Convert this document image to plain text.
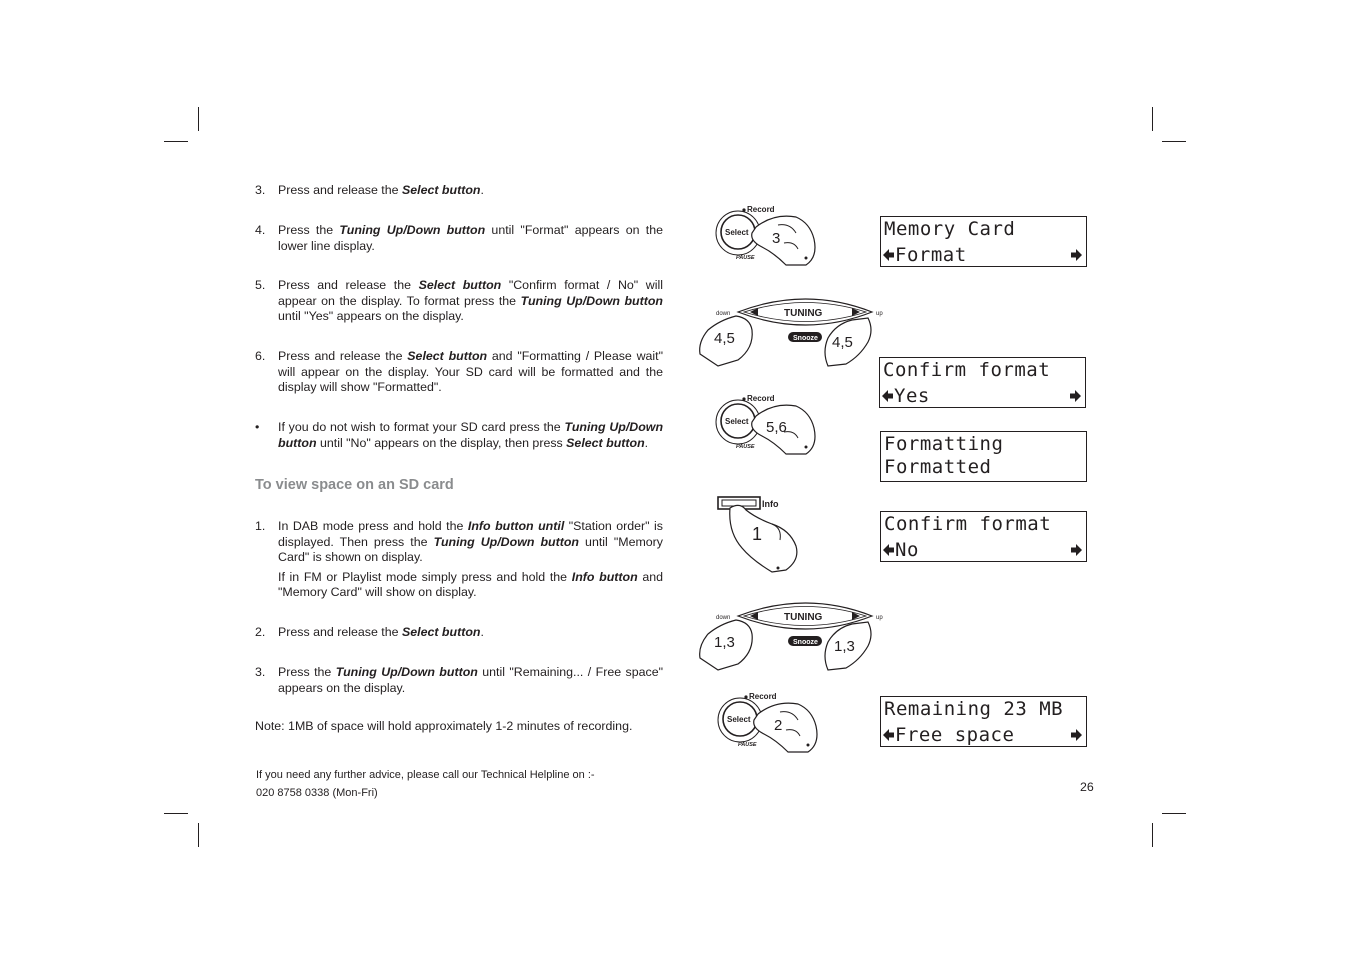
3.	Press and release the Select button.

4.	Press the Tuning Up/Down button until "Format" appears on the lower line display.

5.	Press and release the Select button "Confirm format / No" will appear on the display. To format press the Tuning Up/Down button until "Yes" appears on the display.

6.	Press and release the Select button and "Formatting / Please wait" will appear on the display. Your SD card will be formatted and the display will show "Formatted".

•	If you do not wish to format your SD card press the Tuning Up/Down button until "No" appears on the display, then press Select button.

To view space on an SD card
1.	In DAB mode press and hold the Info button until "Station order" is displayed. Then press the Tuning Up/Down button until "Memory Card" is shown on display.

If in FM or Playlist mode simply press and hold the Info button and "Memory Card" will show on display.

2.	Press and release the Select button.

3.	Press the Tuning Up/Down button until "Remaining... / Free space" appears on the display.

Note: 1MB of space will hold approximately 1-2 minutes of recording.
If you need any further advice, please call our Technical Helpline on :-
020 8758 0338 (Mon-Fri)	26
Memory Card
Format
Confirm format
Yes
Formatting
Formatted
Confirm format
No
Remaining 23 MB
Free space
Record
Select
PAUSE
3
TUNING
down	up
Snooze
4,5	4,5
Record
Select
PAUSE
5,6
Info
1
TUNING
down	up
Snooze
1,3	1,3
Record
Select
PAUSE
2
